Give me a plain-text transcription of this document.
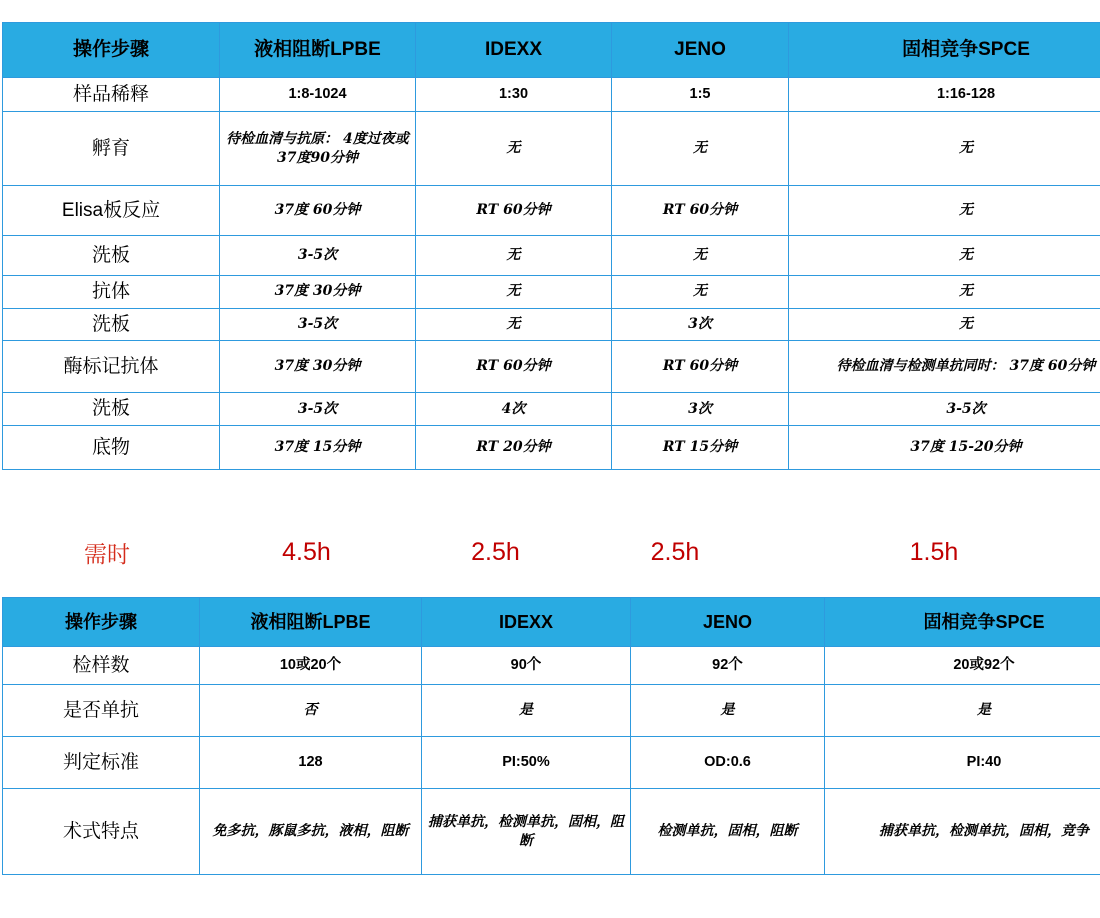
操作步骤	液相阻断LPBE	IDEXX	JENO	固相竞争SPCE
样品稀释	1:8-1024	1:30	1:5	1:16-128
孵育	待检血清与抗原： 4度过夜或37度90分钟	无	无	无
Elisa板反应	37度 60分钟	RT 60分钟	RT 60分钟	无
洗板	3-5次	无	无	无
抗体	37度 30分钟	无	无	无
洗板	3-5次	无	3次	无
酶标记抗体	37度 30分钟	RT 60分钟	RT 60分钟	待检血清与检测单抗同时： 37度 60分钟
洗板	3-5次	4次	3次	3-5次
底物	37度 15分钟	RT 20分钟	RT 15分钟	37度 15-20分钟
需时	4.5h	2.5h	2.5h	1.5h
操作步骤	液相阻断LPBE	IDEXX	JENO	固相竞争SPCE
检样数	10或20个	90个	92个	20或92个
是否单抗	否	是	是	是
判定标准	128	PI:50%	OD:0.6	PI:40
术式特点	免多抗，豚鼠多抗，液相，阻断	捕获单抗，检测单抗，固相，阻断	检测单抗，固相，阻断	捕获单抗，检测单抗，固相，竞争
